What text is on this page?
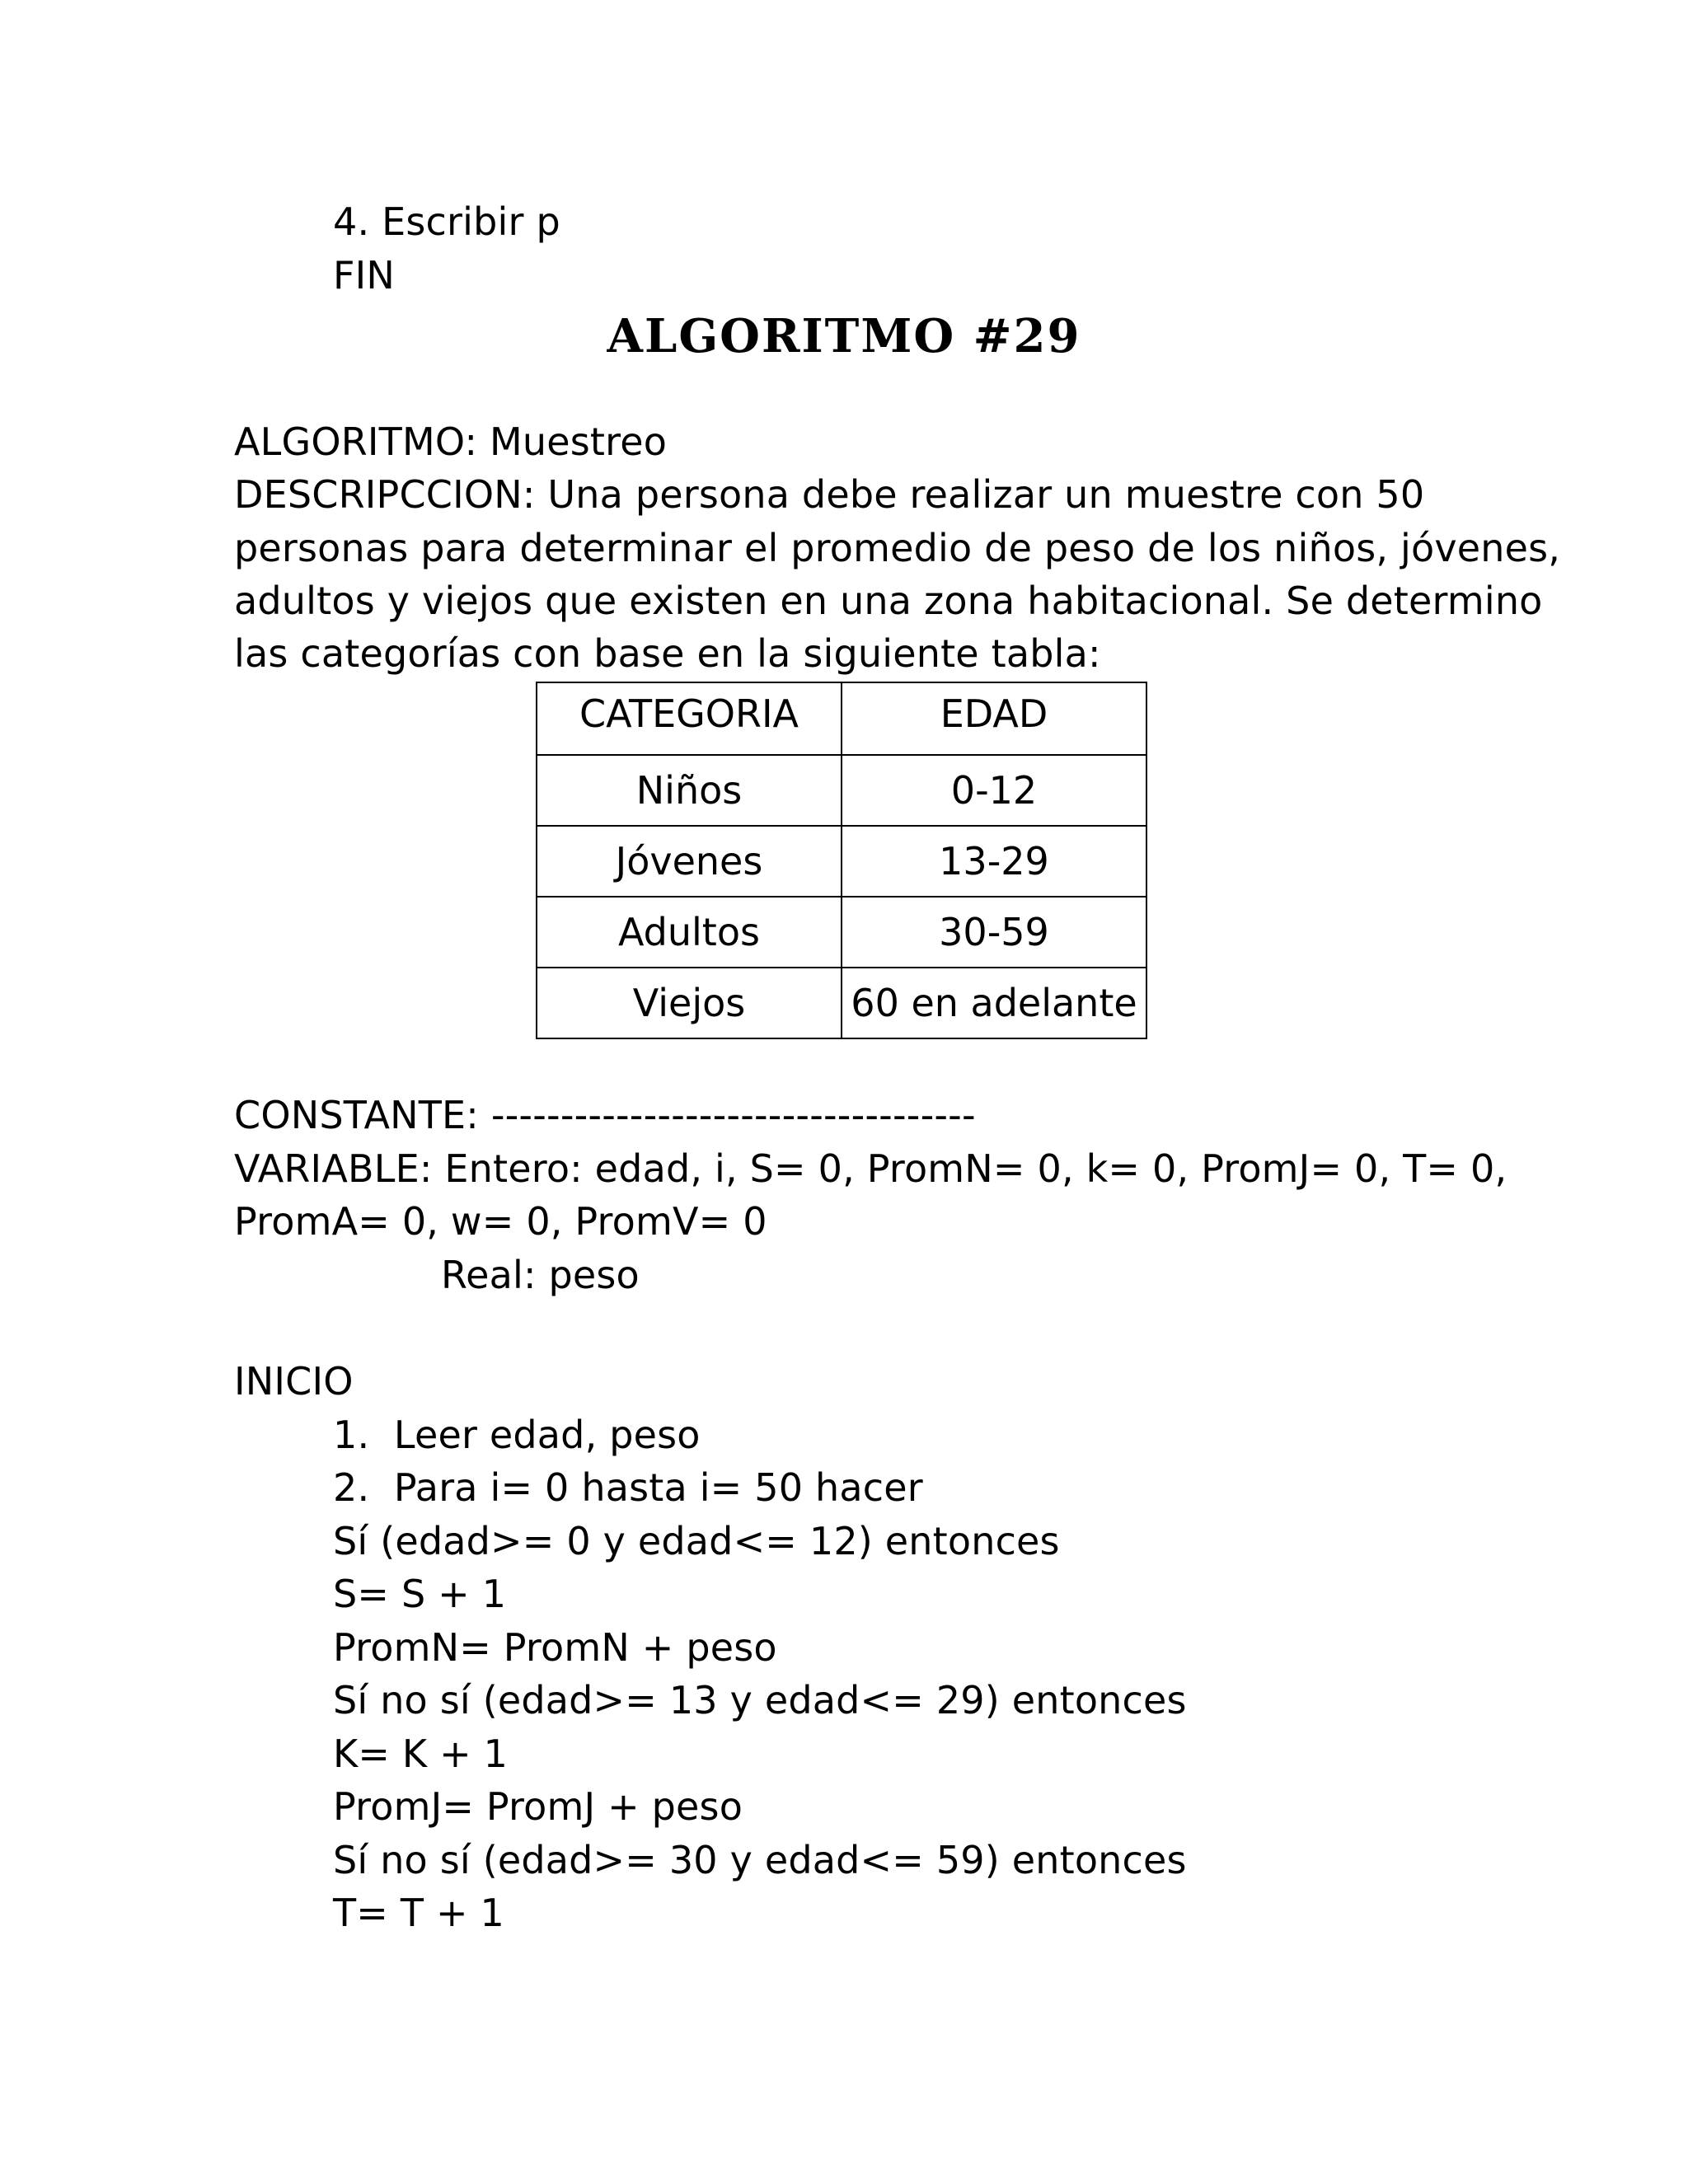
4. Escribir p
FIN
ALGORITMO #29
ALGORITMO: Muestreo
DESCRIPCCION: Una persona debe realizar un muestre con 50
personas para determinar el promedio de peso de los niños, jóvenes,
adultos y viejos que existen en una zona habitacional. Se determino
las categorías con base en la siguiente tabla:
CATEGORIA	EDAD
Niños	0-12
Jóvenes	13-29
Adultos	30-59
Viejos	60 en adelante
CONSTANTE: -----------------------------------
VARIABLE: Entero: edad, i, S= 0, PromN= 0, k= 0, PromJ= 0, T= 0,
PromA= 0, w= 0, PromV= 0
Real: peso
INICIO
1.  Leer edad, peso
2.  Para i= 0 hasta i= 50 hacer
Sí (edad>= 0 y edad<= 12) entonces
S= S + 1
PromN= PromN + peso
Sí no sí (edad>= 13 y edad<= 29) entonces
K= K + 1
PromJ= PromJ + peso
Sí no sí (edad>= 30 y edad<= 59) entonces
T= T + 1
